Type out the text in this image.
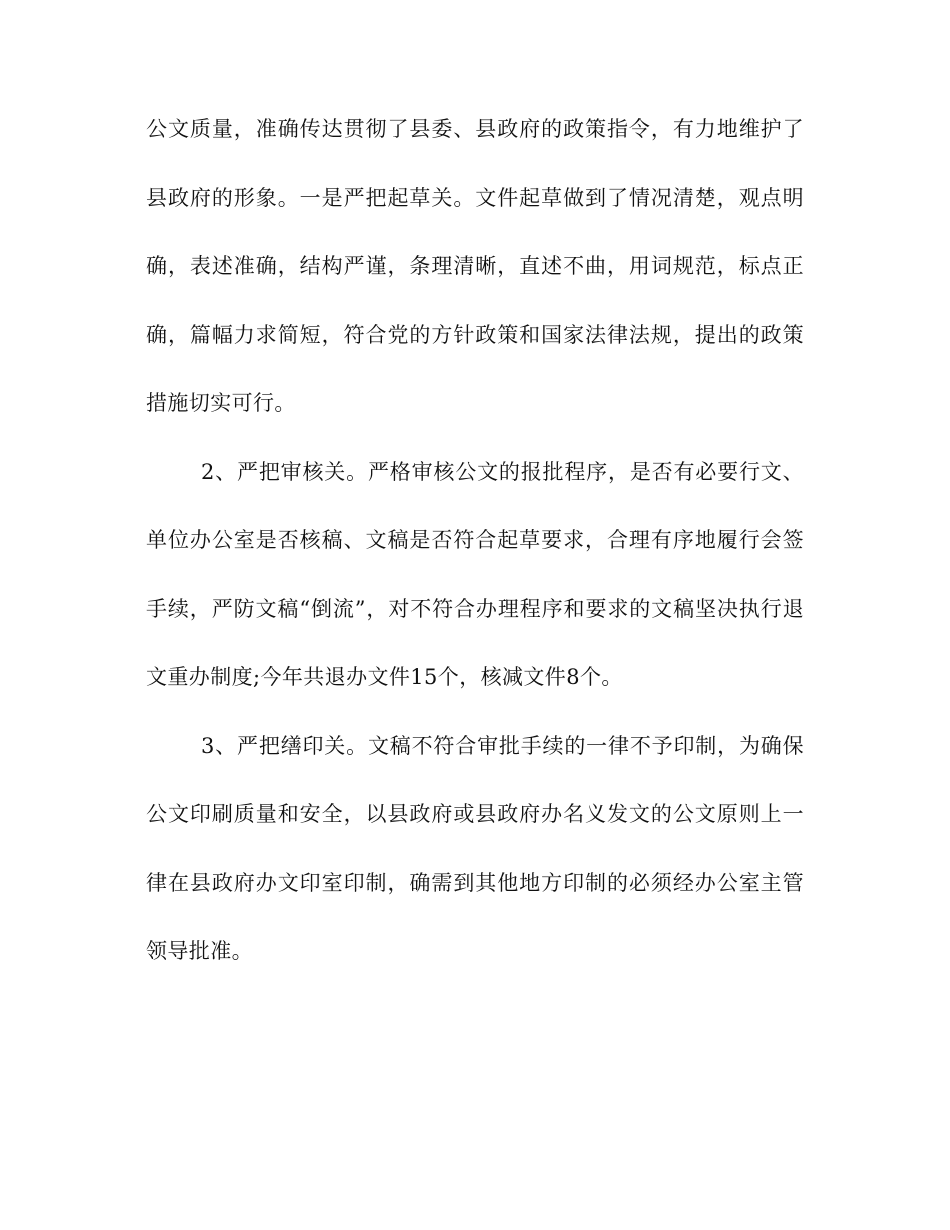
公文质量，准确传达贯彻了县委、县政府的政策指令，有力地维护了县政府的形象。一是严把起草关。文件起草做到了情况清楚，观点明确，表述准确，结构严谨，条理清晰，直述不曲，用词规范，标点正确，篇幅力求简短，符合党的方针政策和国家法律法规，提出的政策措施切实可行。

2、严把审核关。严格审核公文的报批程序，是否有必要行文、单位办公室是否核稿、文稿是否符合起草要求，合理有序地履行会签手续，严防文稿“倒流”，对不符合办理程序和要求的文稿坚决执行退文重办制度;今年共退办文件15个，核减文件8个。

3、严把缮印关。文稿不符合审批手续的一律不予印制，为确保公文印刷质量和安全，以县政府或县政府办名义发文的公文原则上一律在县政府办文印室印制，确需到其他地方印制的必须经办公室主管领导批准。
